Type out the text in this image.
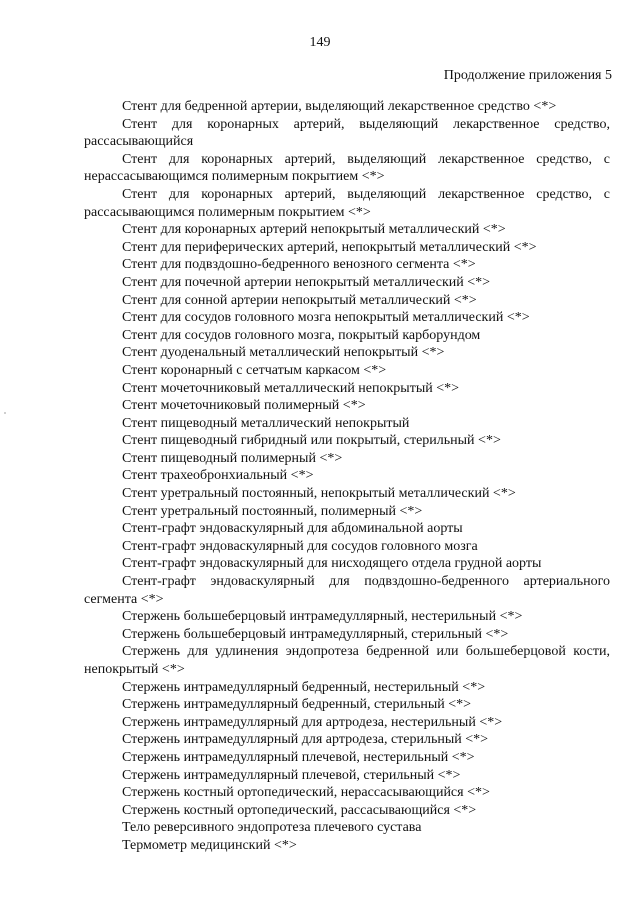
149
Продолжение приложения 5
Стент для бедренной артерии, выделяющий лекарственное средство <*>
Стент для коронарных артерий, выделяющий лекарственное средство, рассасывающийся
Стент для коронарных артерий, выделяющий лекарственное средство, с нерассасывающимся полимерным покрытием <*>
Стент для коронарных артерий, выделяющий лекарственное средство, с рассасывающимся полимерным покрытием <*>
Стент для коронарных артерий непокрытый металлический <*>
Стент для периферических артерий, непокрытый металлический <*>
Стент для подвздошно-бедренного венозного сегмента <*>
Стент для почечной артерии непокрытый металлический <*>
Стент для сонной артерии непокрытый металлический <*>
Стент для сосудов головного мозга непокрытый металлический <*>
Стент для сосудов головного мозга, покрытый карборундом
Стент дуоденальный металлический непокрытый <*>
Стент коронарный с сетчатым каркасом <*>
Стент мочеточниковый металлический непокрытый <*>
Стент мочеточниковый полимерный <*>
Стент пищеводный металлический непокрытый
Стент пищеводный гибридный или покрытый, стерильный <*>
Стент пищеводный полимерный <*>
Стент трахеобронхиальный <*>
Стент уретральный постоянный, непокрытый металлический <*>
Стент уретральный постоянный, полимерный <*>
Стент-графт эндоваскулярный для абдоминальной аорты
Стент-графт эндоваскулярный для сосудов головного мозга
Стент-графт эндоваскулярный для нисходящего отдела грудной аорты
Стент-графт эндоваскулярный для подвздошно-бедренного артериального сегмента <*>
Стержень большеберцовый интрамедуллярный, нестерильный <*>
Стержень большеберцовый интрамедуллярный, стерильный <*>
Стержень для удлинения эндопротеза бедренной или большеберцовой кости, непокрытый <*>
Стержень интрамедуллярный бедренный, нестерильный <*>
Стержень интрамедуллярный бедренный, стерильный <*>
Стержень интрамедуллярный для артродеза, нестерильный <*>
Стержень интрамедуллярный для артродеза, стерильный <*>
Стержень интрамедуллярный плечевой, нестерильный <*>
Стержень интрамедуллярный плечевой, стерильный <*>
Стержень костный ортопедический, нерассасывающийся <*>
Стержень костный ортопедический, рассасывающийся <*>
Тело реверсивного эндопротеза плечевого сустава
Термометр медицинский <*>
